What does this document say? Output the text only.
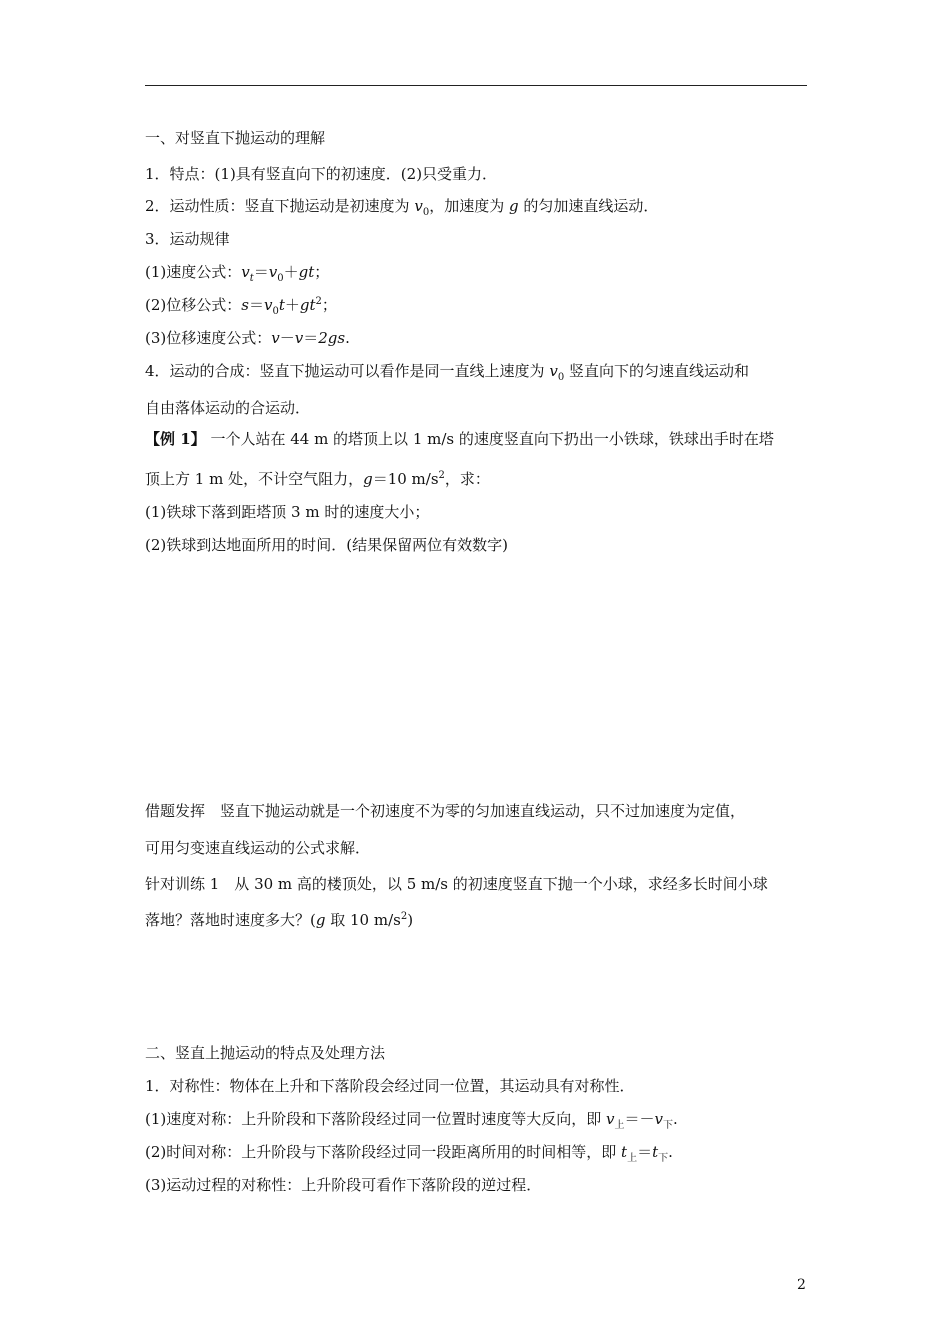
一、对竖直下抛运动的理解
1．特点：(1)具有竖直向下的初速度．(2)只受重力．
2．运动性质：竖直下抛运动是初速度为 $v_0$，加速度为 g 的匀加速直线运动．
3．运动规律
(1)速度公式：$v_t=v_0+gt$；
(2)位移公式：$s=v_0t+gt^2$；
(3)位移速度公式：v－v＝2gs.
4．运动的合成：竖直下抛运动可以看作是同一直线上速度为 $v_0$ 竖直向下的匀速直线运动和
自由落体运动的合运动．
【例 1】 一个人站在 44 m 的塔顶上以 1 m/s 的速度竖直向下扔出一小铁球，铁球出手时在塔
顶上方 1 m 处，不计空气阻力，g＝10 $m/s^2$，求：
(1)铁球下落到距塔顶 3 m 时的速度大小；
(2)铁球到达地面所用的时间．(结果保留两位有效数字)
借题发挥　竖直下抛运动就是一个初速度不为零的匀加速直线运动，只不过加速度为定值，
可用匀变速直线运动的公式求解．
针对训练 1　从 30 m 高的楼顶处，以 5 m/s 的初速度竖直下抛一个小球，求经多长时间小球
落地？落地时速度多大？(g 取 10 $m/s^2$)
二、竖直上抛运动的特点及处理方法
1．对称性：物体在上升和下落阶段会经过同一位置，其运动具有对称性．
(1)速度对称：上升阶段和下落阶段经过同一位置时速度等大反向，即 $v_上=-v_下$.
(2)时间对称：上升阶段与下落阶段经过同一段距离所用的时间相等，即 $t_上=t_下$.
(3)运动过程的对称性：上升阶段可看作下落阶段的逆过程．
2
